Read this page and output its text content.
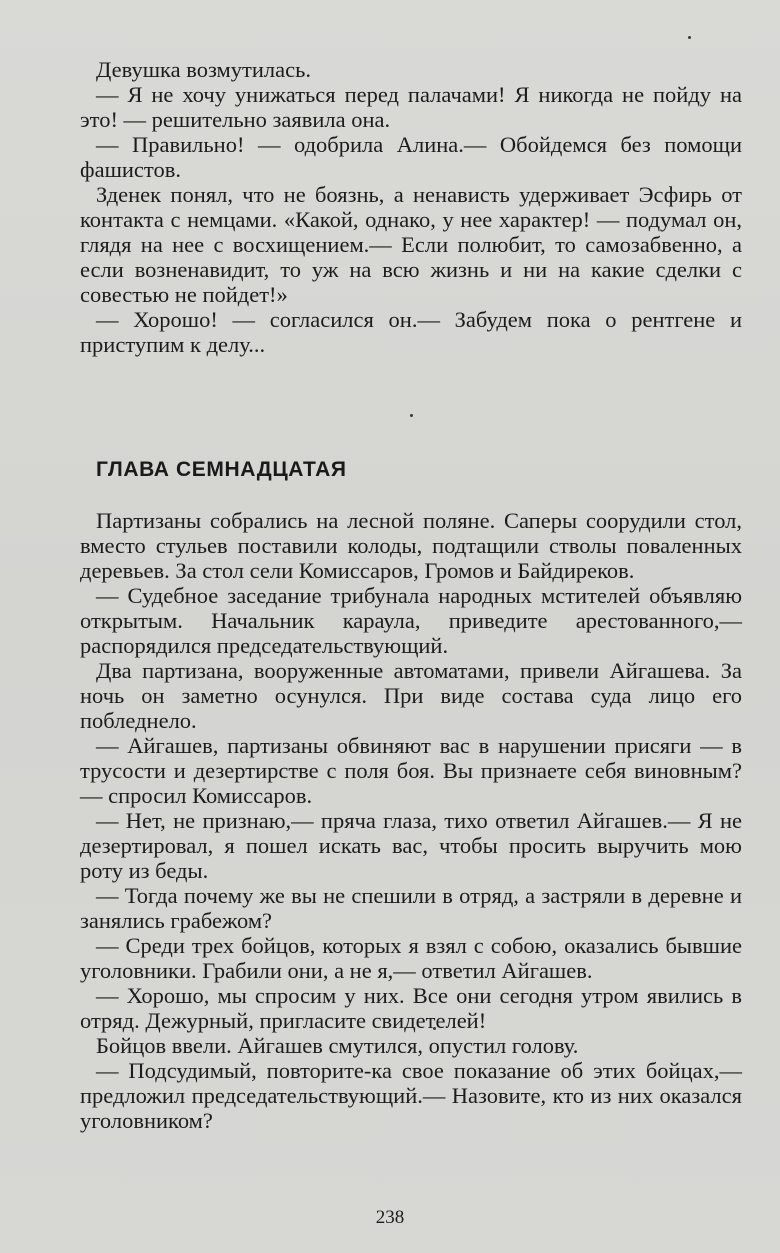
Девушка возмутилась.

— Я не хочу унижаться перед палачами! Я никогда не пойду на это! — решительно заявила она.

— Правильно! — одобрила Алина.— Обойдемся без помощи фашистов.

Зденек понял, что не боязнь, а ненависть удерживает Эсфирь от контакта с немцами. «Какой, однако, у нее характер! — подумал он, глядя на нее с восхищением.— Если полюбит, то самозабвенно, а если возненавидит, то уж на всю жизнь и ни на какие сделки с совестью не пойдет!»

— Хорошо! — согласился он.— Забудем пока о рентгене и приступим к делу...

ГЛАВА СЕМНАДЦАТАЯ

Партизаны собрались на лесной поляне. Саперы соорудили стол, вместо стульев поставили колоды, подтащили стволы поваленных деревьев. За стол сели Комиссаров, Громов и Байдиреков.

— Судебное заседание трибунала народных мстителей объявляю открытым. Начальник караула, приведите арестованного,— распорядился председательствующий.

Два партизана, вооруженные автоматами, привели Айгашева. За ночь он заметно осунулся. При виде состава суда лицо его побледнело.

— Айгашев, партизаны обвиняют вас в нарушении присяги — в трусости и дезертирстве с поля боя. Вы признаете себя виновным? — спросил Комиссаров.

— Нет, не признаю,— пряча глаза, тихо ответил Айгашев.— Я не дезертировал, я пошел искать вас, чтобы просить выручить мою роту из беды.

— Тогда почему же вы не спешили в отряд, а застряли в деревне и занялись грабежом?

— Среди трех бойцов, которых я взял с собою, оказались бывшие уголовники. Грабили они, а не я,— ответил Айгашев.

— Хорошо, мы спросим у них. Все они сегодня утром явились в отряд. Дежурный, пригласите свидетелей!

Бойцов ввели. Айгашев смутился, опустил голову.

— Подсудимый, повторите-ка свое показание об этих бойцах,— предложил председательствующий.— Назовите, кто из них оказался уголовником?

238
